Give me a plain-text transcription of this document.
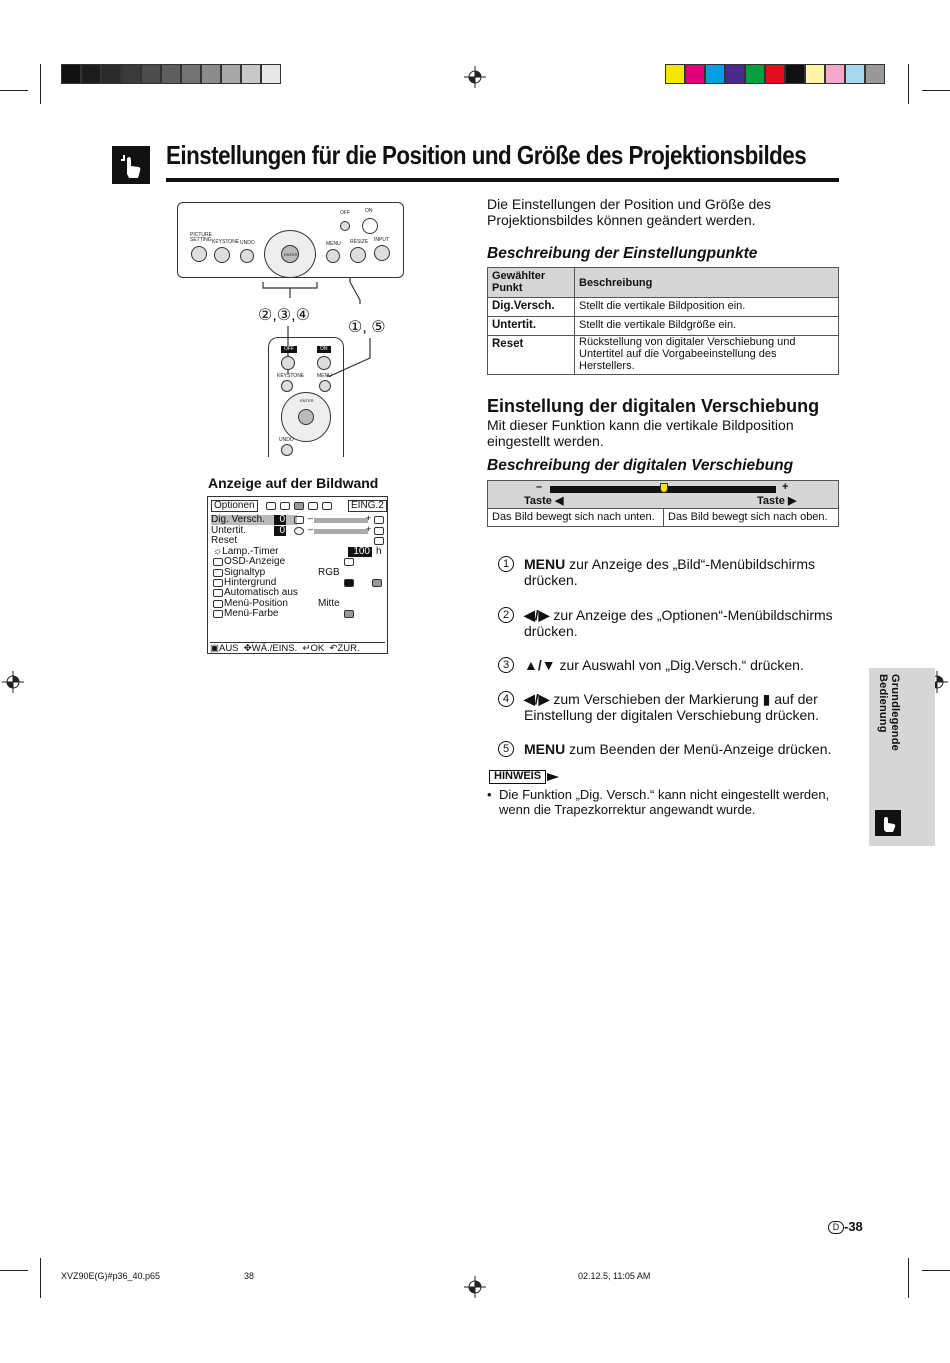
Einstellungen für die Position und Größe des Projektionsbildes
OFF	ON
PICTURE SETTING KEYSTONE UNDO	MENU RESIZE INPUT
ENTER
②,③,④
①, ⑤
OFF	ON
KEYSTONE	MENU
ENTER
UNDO
Anzeige auf der Bildwand
Optionen	EING.2
Dig. Versch.	0	–	+
Untertit.	0	–	+
Reset
☼Lamp.-Timer	100 h
OSD-Anzeige
Signaltyp	RGB
Hintergrund
Automatisch aus
Menü-Position	Mitte
Menü-Farbe
▣AUS  ✥WÄ./EINS.  ↵OK  ↶ZUR.
Die Einstellungen der Position und Größe des Projektionsbildes können geändert werden.
Beschreibung der Einstellungpunkte
Gewählter Punkt	Beschreibung
Dig.Versch.	Stellt die vertikale Bildposition ein.
Untertit.	Stellt die vertikale Bildgröße ein.
Reset	Rückstellung von digitaler Verschiebung und Untertitel auf die Vorgabeeinstellung des Herstellers.
Einstellung der digitalen Verschiebung
Mit dieser Funktion kann die vertikale Bildposition eingestellt werden.
Beschreibung der digitalen Verschiebung
–	+
Taste ◀	Taste ▶
Das Bild bewegt sich nach unten.	Das Bild bewegt sich nach oben.
1	MENU zur Anzeige des „Bild“-Menübildschirms drücken.
2	◀/▶ zur Anzeige des „Optionen“-Menübildschirms drücken.
3	▲/▼ zur Auswahl von „Dig.Versch.“ drücken.
4	◀/▶ zum Verschieben der Markierung ▮ auf der Einstellung der digitalen Verschiebung drücken.
5	MENU zum Beenden der Menü-Anzeige drücken.
HINWEIS
• Die Funktion „Dig. Versch.“ kann nicht eingestellt werden, wenn die Trapezkorrektur angewandt wurde.
Grundlegende Bedienung
D -38
XVZ90E(G)#p36_40.p65	38	02.12.5, 11:05 AM
